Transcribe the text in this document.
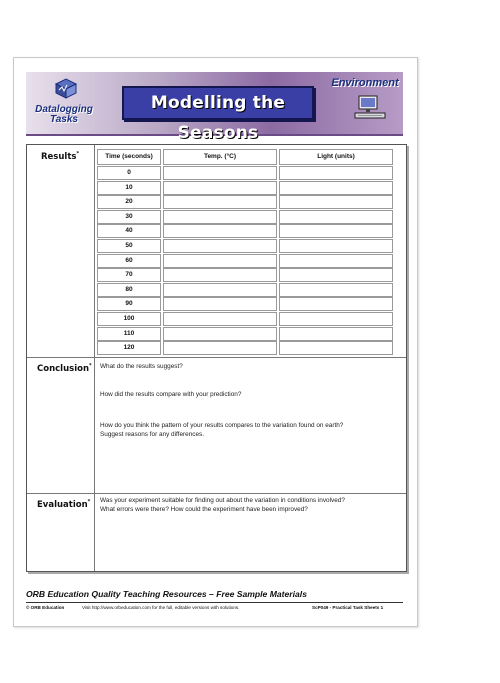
Datalogging
Tasks
Modelling the Seasons
Environment
Results*	Time (seconds)	Temp. (°C)	Light (units)
0
10
20
30
40
50
60
70
80
90
100
110
120
Conclusion* What do the results suggest?
How did the results compare with your prediction?
How do you think the pattern of your results compares to the variation found on earth?
Suggest reasons for any differences.
Evaluation* Was your experiment suitable for finding out about the variation in conditions involved?
What errors were there? How could the experiment have been improved?
ORB Education Quality Teaching Resources – Free Sample Materials
© ORB Education	Visit http://www.orbeducation.com for the full, editable versions with solutions.	ScP049 - Practical Task Sheets 1
